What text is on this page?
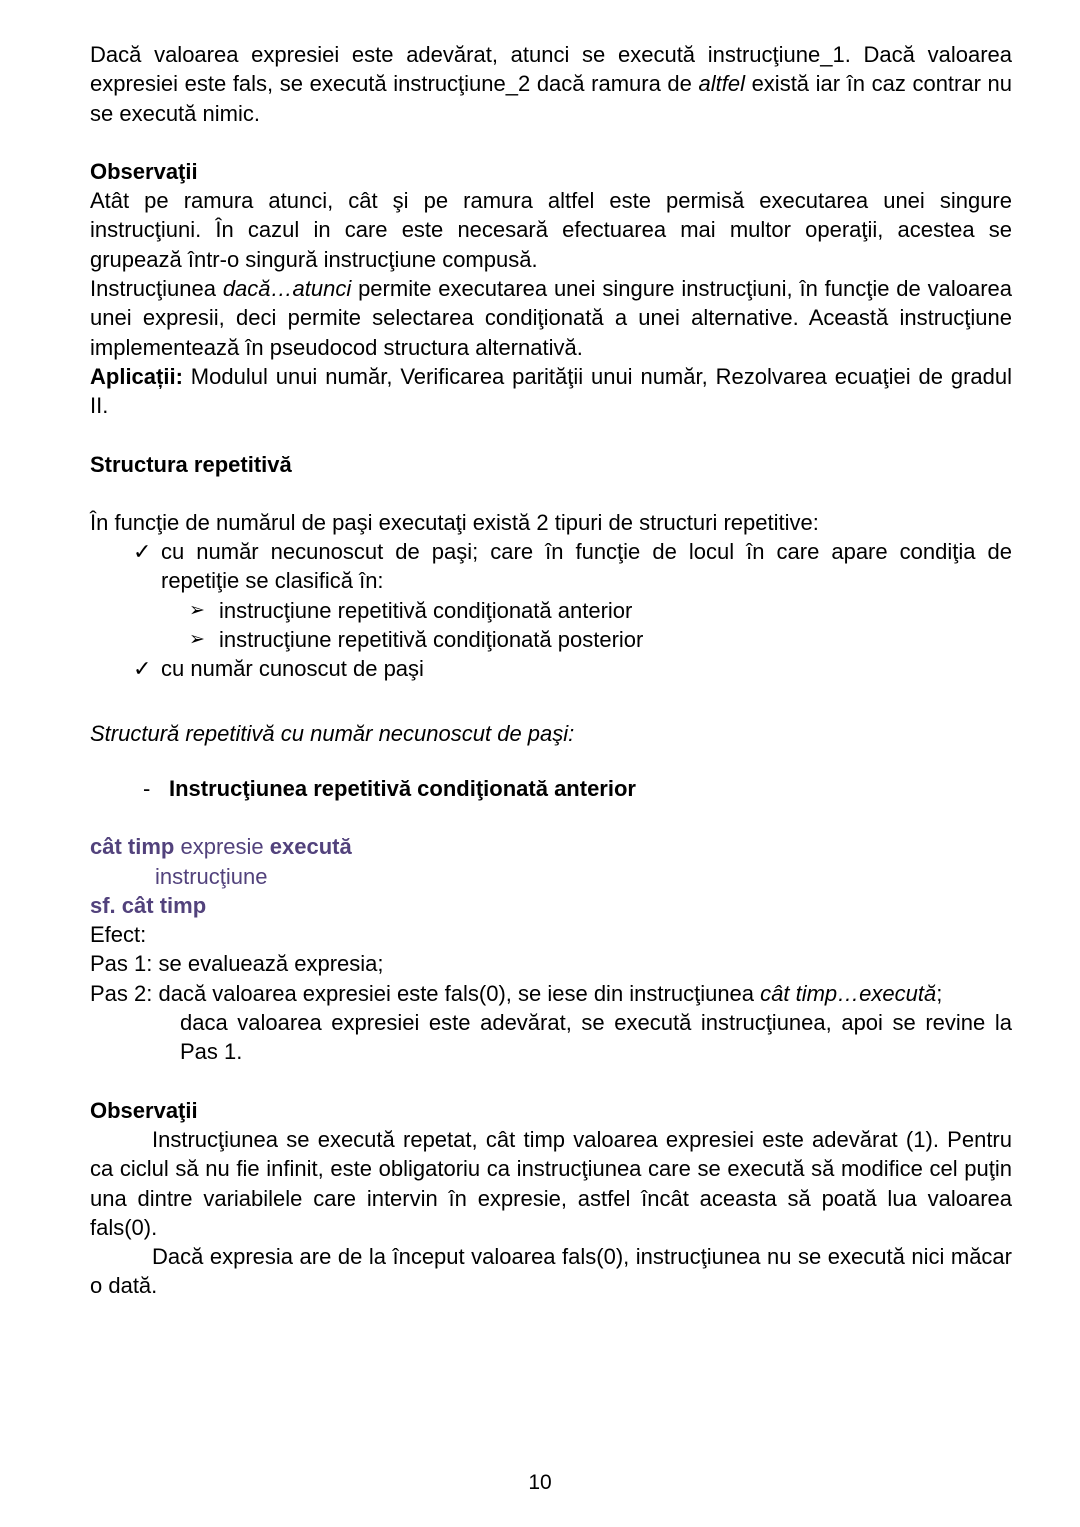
Dacă valoarea expresiei este adevărat, atunci se execută instrucţiune_1. Dacă valoarea expresiei este fals, se execută instrucţiune_2 dacă ramura de altfel există iar în caz contrar nu se execută nimic.

Observaţii

Atât pe ramura atunci, cât şi pe ramura altfel este permisă executarea unei singure instrucţiuni. În cazul in care este necesară efectuarea mai multor operaţii, acestea se grupează într-o singură instrucţiune compusă.

Instrucţiunea dacă…atunci permite executarea unei singure instrucţiuni, în funcţie de valoarea unei expresii, deci permite selectarea condiţionată a unei alternative. Această instrucţiune implementează în pseudocod structura alternativă.

Aplicații: Modulul unui număr, Verificarea parităţii unui număr, Rezolvarea ecuaţiei de gradul II.

Structura repetitivă

În funcţie de numărul de paşi executaţi există 2 tipuri de structuri repetitive:

✓ cu număr necunoscut de paşi; care în funcţie de locul în care apare condiţia de repetiţie se clasifică în:
➢ instrucţiune repetitivă condiţionată anterior
➢ instrucţiune repetitivă condiţionată posterior
✓ cu număr cunoscut de paşi

Structură repetitivă cu număr necunoscut de paşi:

- Instrucţiunea repetitivă condiţionată anterior

cât timp expresie execută

instrucţiune

sf. cât timp

Efect:

Pas 1: se evaluează expresia;

Pas 2: dacă valoarea expresiei este fals(0), se iese din instrucţiunea cât timp…execută;

daca valoarea expresiei este adevărat, se execută instrucţiunea, apoi se revine la Pas 1.

Observaţii

Instrucţiunea se execută repetat, cât timp valoarea expresiei este adevărat (1). Pentru ca ciclul să nu fie infinit, este obligatoriu ca instrucţiunea care se execută să modifice cel puţin una dintre variabilele care intervin în expresie, astfel încât aceasta să poată lua valoarea fals(0).

Dacă expresia are de la început valoarea fals(0), instrucţiunea nu se execută nici măcar o dată.

10
